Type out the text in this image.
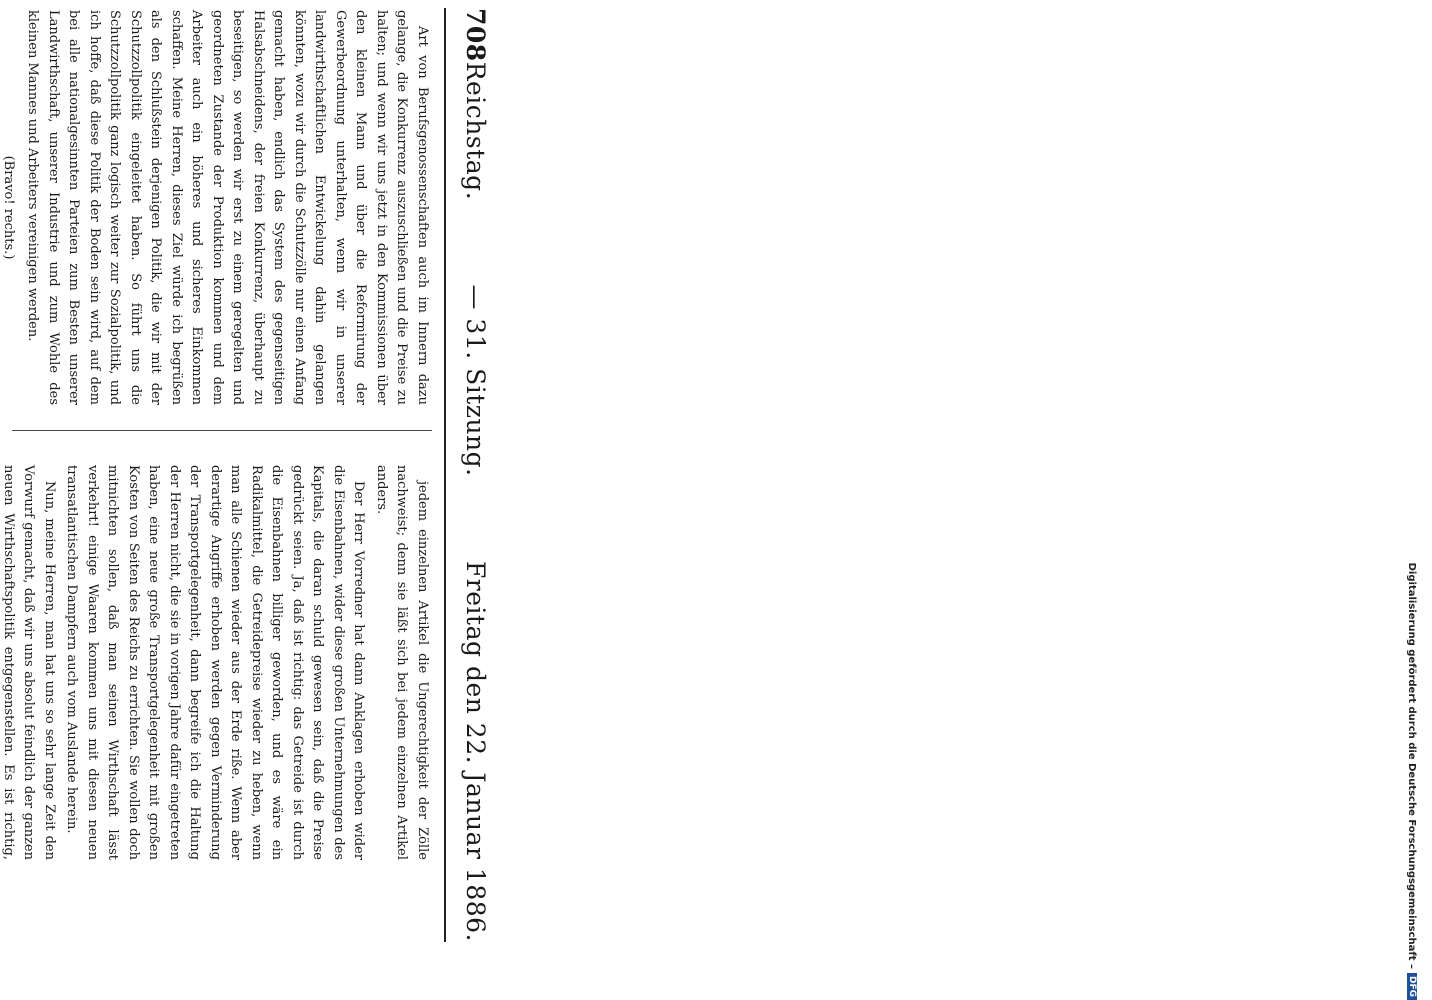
708
Reichstag.
— 31. Sitzung.
Freitag den 22. Januar 1886.

Art von Berufsgenossenschaften auch im Innern dazu gelange, die Konkurrenz auszuschließen und die Preise zu halten; und wenn wir uns jetzt in den Kommissionen über den kleinen Mann und über die Reformirung der Gewerbeordnung unterhalten, wenn wir in unserer landwirthschaftlichen Entwickelung dahin gelangen könnten, wozu wir durch die Schutzzölle nur einen Anfang gemacht haben, endlich das System des gegenseitigen Halsabschneidens, der freien Konkurrenz, überhaupt zu beseitigen, so werden wir erst zu einem geregelten und geordneten Zustande der Produktion kommen und dem Arbeiter auch ein höheres und sicheres Einkommen schaffen. Meine Herren, dieses Ziel würde ich begrüßen als den Schlußstein derjenigen Politik, die wir mit der Schutzzollpolitik eingeleitet haben. So führt uns die Schutzzollpolitik ganz logisch weiter zur Sozialpolitik, und ich hoffe, daß diese Politik der Boden sein wird, auf dem bei alle nationalgesinnten Parteien zum Besten unserer Landwirthschaft, unserer Industrie und zum Wohle des kleinen Mannes und Arbeiters vereinigen werden.

(Bravo! rechts.)

jedem einzelnen Artikel die Ungerechtigkeit der Zölle nachweist; denn sie läßt sich bei jedem einzelnen Artikel anders.

Der Herr Vorredner hat dann Anklagen erhoben wider die Eisenbahnen, wider diese großen Unternehmungen des Kapitals, die daran schuld gewesen sein, daß die Preise gedrückt seien. Ja, daß ist richtig: das Getreide ist durch die Eisenbahnen billiger geworden, und es wäre ein Radikalmittel, die Getreidepreise wieder zu heben, wenn man alle Schienen wieder aus der Erde riße. Wenn aber derartige Angriffe erhoben werden gegen Verminderung der Transportgelegenheit, dann begreife ich die Haltung der Herren nicht, die sie in vorigen Jahre dafür eingetreten haben, eine neue große Transportgelegenheit mit großen Kosten von Seiten des Reichs zu errichten. Sie wollen doch mitnichten sollen, daß man seinen Wirthschaft lässt verkehrt! einige Waaren kommen uns mit diesen neuen transatlantischen Dampfern auch vom Auslande herein.

Nun, meine Herren, man hat uns so sehr lange Zeit den Vorwurf gemacht, daß wir uns absolut feindlich der ganzen neuen Wirthschaftspolitik entgegenstellen. Es ist richtig,	Digitalisierung gefördert durch die Deutsche Forschungsgemeinschaft –
DFG
